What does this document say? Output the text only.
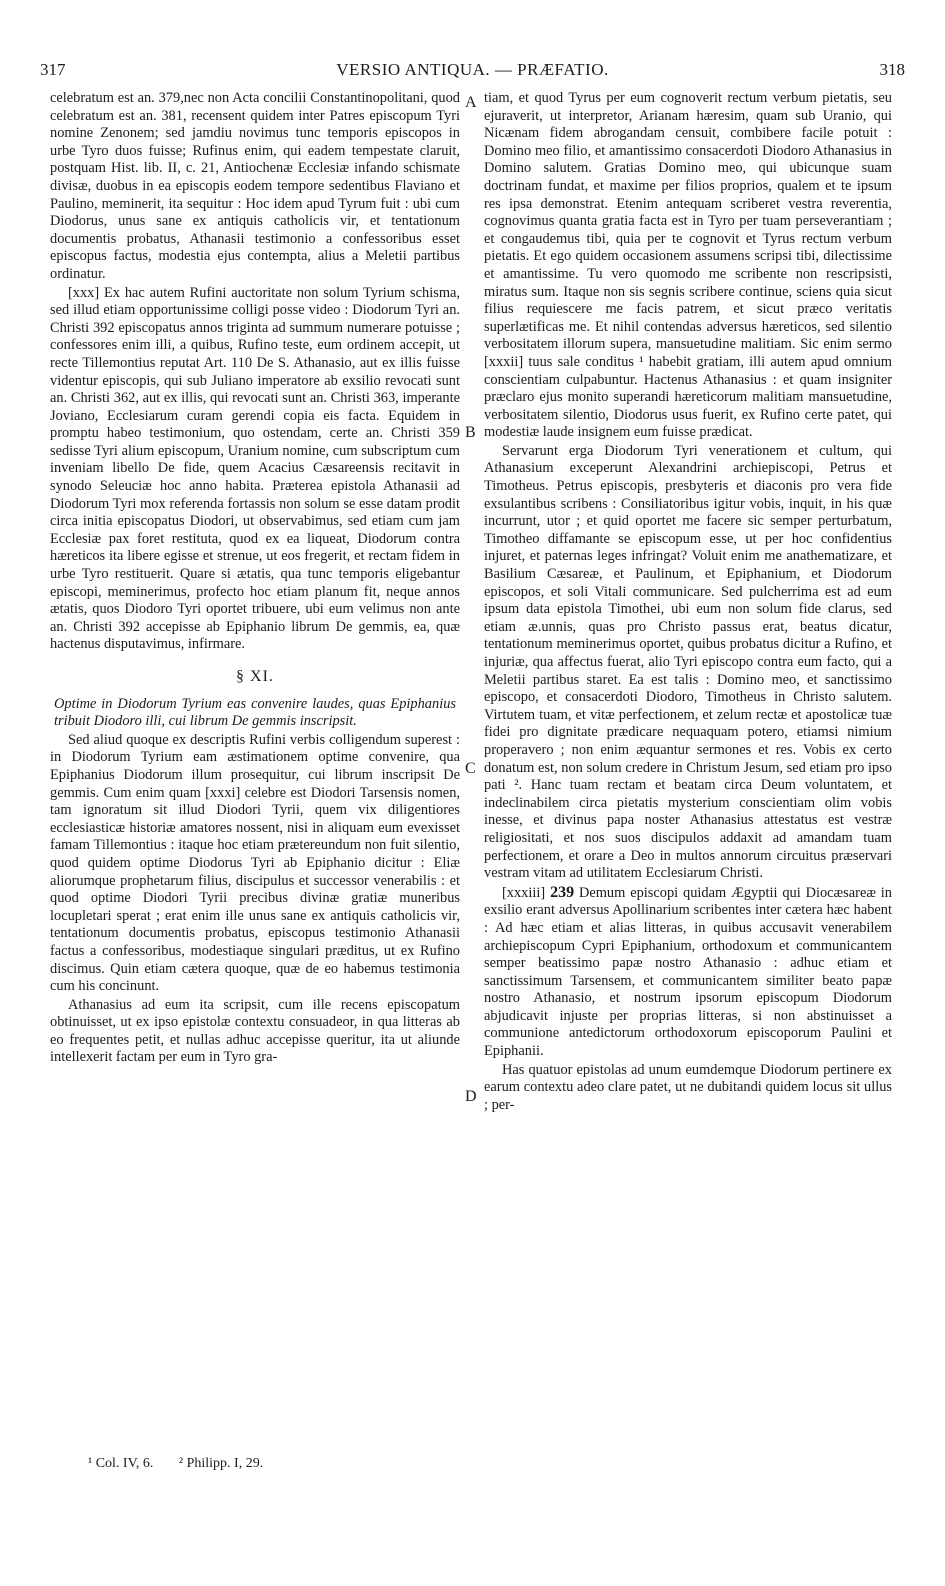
317	VERSIO ANTIQUA. — PRÆFATIO.	318

celebratum est an. 379,nec non Acta concilii Constantinopolitani, quod celebratum est an. 381, recensent quidem inter Patres episcopum Tyri nomine Zenonem; sed jamdiu novimus tunc temporis episcopos in urbe Tyro duos fuisse; Rufinus enim, qui eadem tempestate claruit, postquam Hist. lib. II, c. 21, Antiochenæ Ecclesiæ infando schismate divisæ, duobus in ea episcopis eodem tempore sedentibus Flaviano et Paulino, meminerit, ita sequitur : Hoc idem apud Tyrum fuit : ubi cum Diodorus, unus sane ex antiquis catholicis vir, et tentationum documentis probatus, Athanasii testimonio a confessoribus esset episcopus factus, modestia ejus contempta, alius a Meletii partibus ordinatur.

[xxx] Ex hac autem Rufini auctoritate non solum Tyrium schisma, sed illud etiam opportunissime colligi posse video : Diodorum Tyri an. Christi 392 episcopatus annos triginta ad summum numerare potuisse ; confessores enim illi, a quibus, Rufino teste, eum ordinem accepit, ut recte Tillemontius reputat Art. 110 De S. Athanasio, aut ex illis fuisse videntur episcopis, qui sub Juliano imperatore ab exsilio revocati sunt an. Christi 362, aut ex illis, qui revocati sunt an. Christi 363, imperante Joviano, Ecclesiarum curam gerendi copia eis facta. Equidem in promptu habeo testimonium, quo ostendam, certe an. Christi 359 sedisse Tyri alium episcopum, Uranium nomine, cum subscriptum cum inveniam libello De fide, quem Acacius Cæsareensis recitavit in synodo Seleuciæ hoc anno habita. Præterea epistola Athanasii ad Diodorum Tyri mox referenda fortassis non solum se esse datam prodit circa initia episcopatus Diodori, ut observabimus, sed etiam cum jam Ecclesiæ pax foret restituta, quod ex ea liqueat, Diodorum contra hæreticos ita libere egisse et strenue, ut eos fregerit, et rectam fidem in urbe Tyro restituerit. Quare si ætatis, qua tunc temporis eligebantur episcopi, meminerimus, profecto hoc etiam planum fit, neque annos ætatis, quos Diodoro Tyri oportet tribuere, ubi eum velimus non ante an. Christi 392 accepisse ab Epiphanio librum De gemmis, ea, quæ hactenus disputavimus, infirmare.

§ XI.

Optime in Diodorum Tyrium eas convenire laudes, quas Epiphanius tribuit Diodoro illi, cui librum De gemmis inscripsit.

Sed aliud quoque ex descriptis Rufini verbis colligendum superest : in Diodorum Tyrium eam æstimationem optime convenire, qua Epiphanius Diodorum illum prosequitur, cui librum inscripsit De gemmis. Cum enim quam [xxxi] celebre est Diodori Tarsensis nomen, tam ignoratum sit illud Diodori Tyrii, quem vix diligentiores ecclesiasticæ historiæ amatores nossent, nisi in aliquam eum evexisset famam Tillemontius : itaque hoc etiam prætereundum non fuit silentio, quod quidem optime Diodorus Tyri ab Epiphanio dicitur : Eliæ aliorumque prophetarum filius, discipulus et successor venerabilis : et quod optime Diodori Tyrii precibus divinæ gratiæ muneribus locupletari sperat ; erat enim ille unus sane ex antiquis catholicis vir, tentationum documentis probatus, episcopus testimonio Athanasii factus a confessoribus, modestiaque singulari præditus, ut ex Rufino discimus. Quin etiam cætera quoque, quæ de eo habemus testimonia cum his concinunt.

Athanasius ad eum ita scripsit, cum ille recens episcopatum obtinuisset, ut ex ipso epistolæ contextu consuadeor, in qua litteras ab eo frequentes petit, et nullas adhuc accepisse queritur, ita ut aliunde intellexerit factam per eum in Tyro gra-

A
B
C
D

tiam, et quod Tyrus per eum cognoverit rectum verbum pietatis, seu ejuraverit, ut interpretor, Arianam hæresim, quam sub Uranio, qui Nicænam fidem abrogandam censuit, combibere facile potuit : Domino meo filio, et amantissimo consacerdoti Diodoro Athanasius in Domino salutem. Gratias Domino meo, qui ubicunque suam doctrinam fundat, et maxime per filios proprios, qualem et te ipsum res ipsa demonstrat. Etenim antequam scriberet vestra reverentia, cognovimus quanta gratia facta est in Tyro per tuam perseverantiam ; et congaudemus tibi, quia per te cognovit et Tyrus rectum verbum pietatis. Et ego quidem occasionem assumens scripsi tibi, dilectissime et amantissime. Tu vero quomodo me scribente non rescripsisti, miratus sum. Itaque non sis segnis scribere continue, sciens quia sicut filius requiescere me facis patrem, et sicut præco veritatis superlætificas me. Et nihil contendas adversus hæreticos, sed silentio verbositatem illorum supera, mansuetudine malitiam. Sic enim sermo [xxxii] tuus sale conditus ¹ habebit gratiam, illi autem apud omnium conscientiam culpabuntur. Hactenus Athanasius : et quam insigniter præclaro ejus monito superandi hæreticorum malitiam mansuetudine, verbositatem silentio, Diodorus usus fuerit, ex Rufino certe patet, qui modestiæ laude insignem eum fuisse prædicat.

Servarunt erga Diodorum Tyri venerationem et cultum, qui Athanasium exceperunt Alexandrini archiepiscopi, Petrus et Timotheus. Petrus episcopis, presbyteris et diaconis pro vera fide exsulantibus scribens : Consiliatoribus igitur vobis, inquit, in his quæ incurrunt, utor ; et quid oportet me facere sic semper perturbatum, Timotheo diffamante se episcopum esse, ut per hoc confidentius injuret, et paternas leges infringat? Voluit enim me anathematizare, et Basilium Cæsareæ, et Paulinum, et Epiphanium, et Diodorum episcopos, et soli Vitali communicare. Sed pulcherrima est ad eum ipsum data epistola Timothei, ubi eum non solum fide clarus, sed etiam æ.unnis, quas pro Christo passus erat, beatus dicatur, tentationum meminerimus oportet, quibus probatus dicitur a Rufino, et injuriæ, qua affectus fuerat, alio Tyri episcopo contra eum facto, qui a Meletii partibus staret. Ea est talis : Domino meo, et sanctissimo episcopo, et consacerdoti Diodoro, Timotheus in Christo salutem. Virtutem tuam, et vitæ perfectionem, et zelum rectæ et apostolicæ tuæ fidei pro dignitate prædicare nequaquam potero, etiamsi nimium properavero ; non enim æquantur sermones et res. Vobis ex certo donatum est, non solum credere in Christum Jesum, sed etiam pro ipso pati ². Hanc tuam rectam et beatam circa Deum voluntatem, et indeclinabilem circa pietatis mysterium conscientiam olim vobis inesse, et divinus papa noster Athanasius attestatus est vestræ religiositati, et nos suos discipulos addaxit ad amandam tuam perfectionem, et orare a Deo in multos annorum circuitus præservari vestram vitam ad utilitatem Ecclesiarum Christi.

[xxxiii] 239 Demum episcopi quidam Ægyptii qui Diocæsareæ in exsilio erant adversus Apollinarium scribentes inter cætera hæc habent : Ad hæc etiam et alias litteras, in quibus accusavit venerabilem archiepiscopum Cypri Epiphanium, orthodoxum et communicantem semper beatissimo papæ nostro Athanasio : adhuc etiam et sanctissimum Tarsensem, et communicantem similiter beato papæ nostro Athanasio, et nostrum ipsorum episcopum Diodorum abjudicavit injuste per proprias litteras, si non abstinuisset a communione antedictorum orthodoxorum episcoporum Paulini et Epiphanii.

Has quatuor epistolas ad unum eumdemque Diodorum pertinere ex earum contextu adeo clare patet, ut ne dubitandi quidem locus sit ullus ; per-

¹ Col. IV, 6. ² Philipp. I, 29.
